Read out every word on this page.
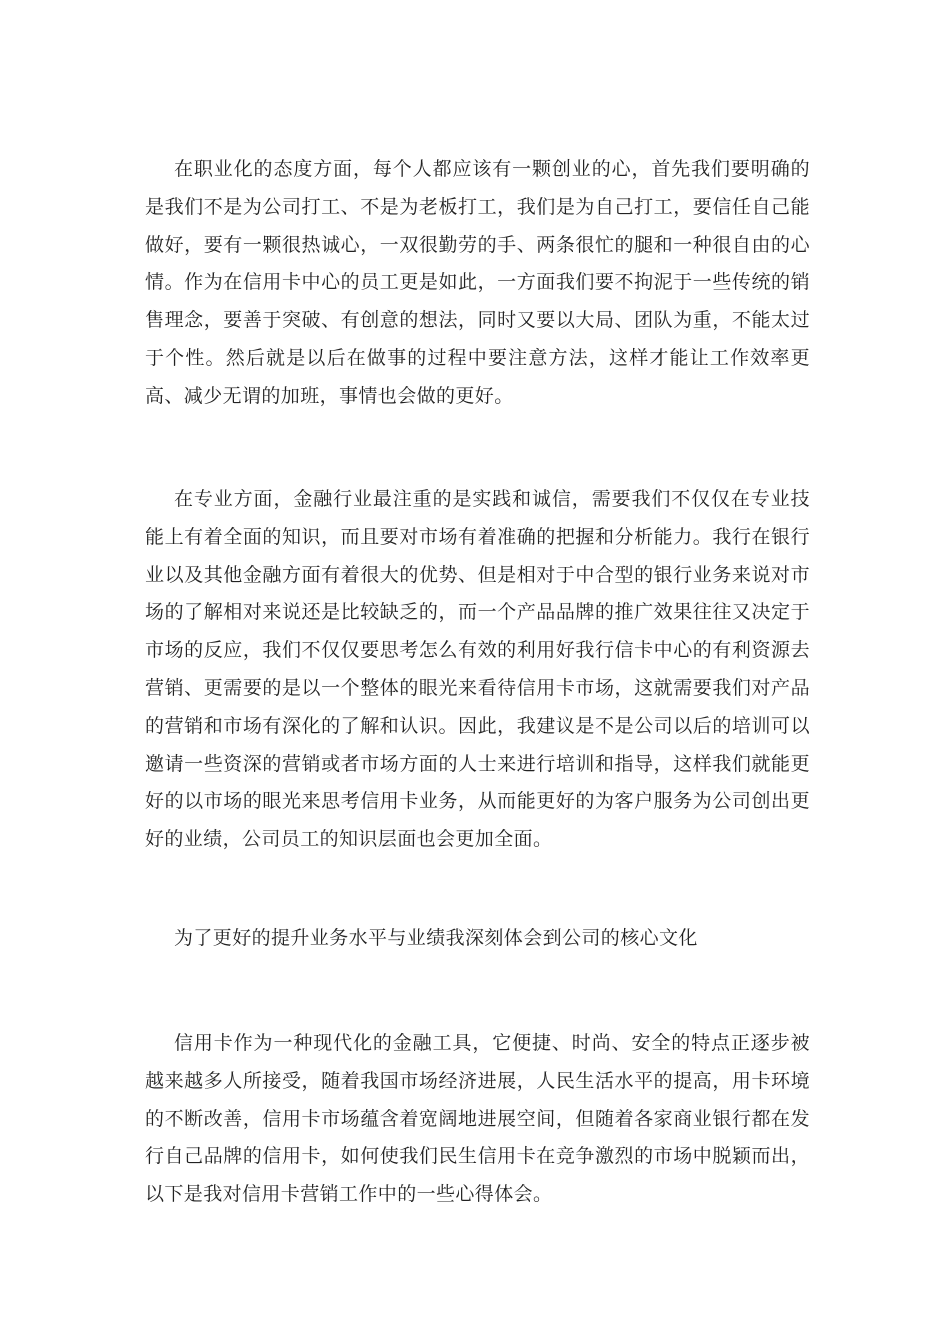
在职业化的态度方面，每个人都应该有一颗创业的心，首先我们要明确的是我们不是为公司打工、不是为老板打工，我们是为自己打工，要信任自己能做好，要有一颗很热诚心，一双很勤劳的手、两条很忙的腿和一种很自由的心情。作为在信用卡中心的员工更是如此，一方面我们要不拘泥于一些传统的销售理念，要善于突破、有创意的想法，同时又要以大局、团队为重，不能太过于个性。然后就是以后在做事的过程中要注意方法，这样才能让工作效率更高、减少无谓的加班，事情也会做的更好。

在专业方面，金融行业最注重的是实践和诚信，需要我们不仅仅在专业技能上有着全面的知识，而且要对市场有着准确的把握和分析能力。我行在银行业以及其他金融方面有着很大的优势、但是相对于中合型的银行业务来说对市场的了解相对来说还是比较缺乏的，而一个产品品牌的推广效果往往又决定于市场的反应，我们不仅仅要思考怎么有效的利用好我行信卡中心的有利资源去营销、更需要的是以一个整体的眼光来看待信用卡市场，这就需要我们对产品的营销和市场有深化的了解和认识。因此，我建议是不是公司以后的培训可以邀请一些资深的营销或者市场方面的人士来进行培训和指导，这样我们就能更好的以市场的眼光来思考信用卡业务，从而能更好的为客户服务为公司创出更好的业绩，公司员工的知识层面也会更加全面。

为了更好的提升业务水平与业绩我深刻体会到公司的核心文化

信用卡作为一种现代化的金融工具，它便捷、时尚、安全的特点正逐步被越来越多人所接受，随着我国市场经济进展，人民生活水平的提高，用卡环境的不断改善，信用卡市场蕴含着宽阔地进展空间，但随着各家商业银行都在发行自己品牌的信用卡，如何使我们民生信用卡在竞争激烈的市场中脱颖而出，以下是我对信用卡营销工作中的一些心得体会。
